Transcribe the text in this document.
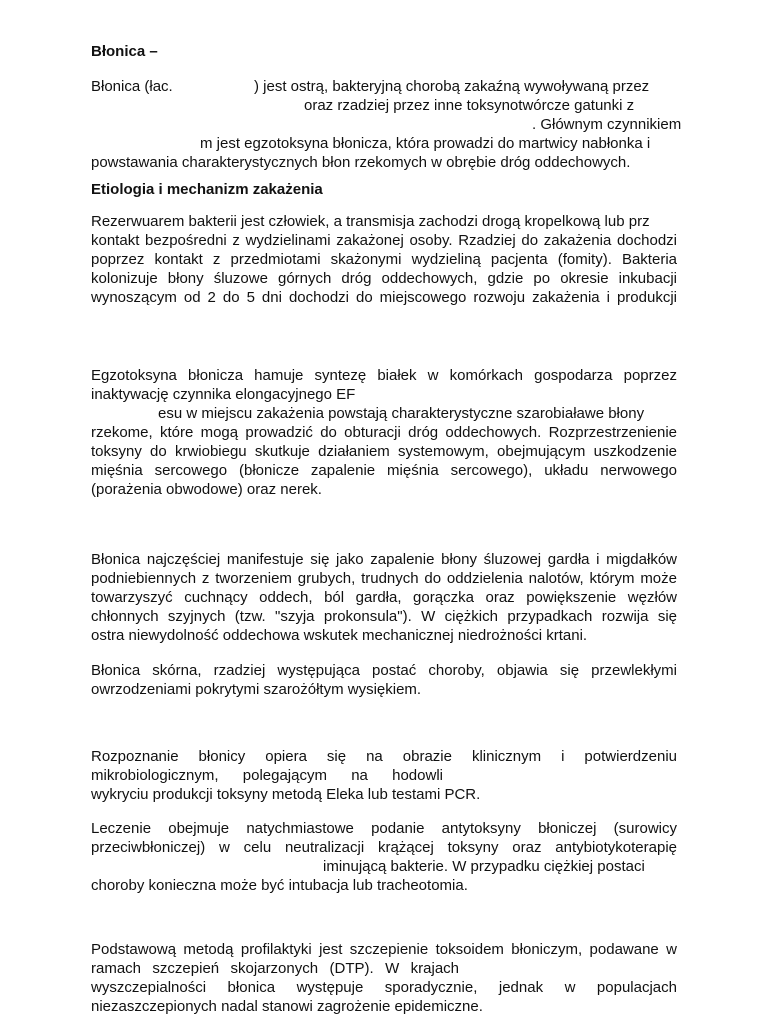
Błonica –
Błonica (łac.	) jest ostrą, bakteryjną chorobą zakaźną wywoływaną przez
oraz rzadziej przez inne toksynotwórcze gatunki z
. Głównym czynnikiem
m jest egzotoksyna błonicza, która prowadzi do martwicy nabłonka i
powstawania charakterystycznych błon rzekomych w obrębie dróg oddechowych.
Etiologia i mechanizm zakażenia
Rezerwuarem bakterii jest człowiek, a transmisja zachodzi drogą kropelkową lub prz
kontakt bezpośredni z wydzielinami zakażonej osoby. Rzadziej do zakażenia dochodzi
poprzez kontakt z przedmiotami skażonymi wydzieliną pacjenta (fomity). Bakteria
kolonizuje błony śluzowe górnych dróg oddechowych, gdzie po okresie inkubacji
wynoszącym od 2 do 5 dni dochodzi do miejscowego rozwoju zakażenia i produkcji
Egzotoksyna błonicza hamuje syntezę białek w komórkach gospodarza poprzez
inaktywację czynnika elongacyjnego EF
esu w miejscu zakażenia powstają charakterystyczne szarobiaławe błony
rzekome, które mogą prowadzić do obturacji dróg oddechowych. Rozprzestrzenienie
toksyny do krwiobiegu skutkuje działaniem systemowym, obejmującym uszkodzenie
mięśnia sercowego (błonicze zapalenie mięśnia sercowego), układu nerwowego
(porażenia obwodowe) oraz nerek.
Błonica najczęściej manifestuje się jako zapalenie błony śluzowej gardła i migdałków
podniebiennych z tworzeniem grubych, trudnych do oddzielenia nalotów, którym może
towarzyszyć cuchnący oddech, ból gardła, gorączka oraz powiększenie węzłów
chłonnych szyjnych (tzw. "szyja prokonsula"). W ciężkich przypadkach rozwija się
ostra niewydolność oddechowa wskutek mechanicznej niedrożności krtani.
Błonica skórna, rzadziej występująca postać choroby, objawia się przewlekłymi
owrzodzeniami pokrytymi szarożółtym wysiękiem.
Rozpoznanie błonicy opiera się na obrazie klinicznym i potwierdzeniu
mikrobiologicznym, polegającym na hodowli
wykryciu produkcji toksyny metodą Eleka lub testami PCR.
Leczenie obejmuje natychmiastowe podanie antytoksyny błoniczej (surowicy
przeciwbłoniczej) w celu neutralizacji krążącej toksyny oraz antybiotykoterapię
iminującą bakterie. W przypadku ciężkiej postaci
choroby konieczna może być intubacja lub tracheotomia.
Podstawową metodą profilaktyki jest szczepienie toksoidem błoniczym, podawane w
ramach szczepień skojarzonych (DTP). W krajach
wyszczepialności błonica występuje sporadycznie, jednak w populacjach
niezaszczepionych nadal stanowi zagrożenie epidemiczne.
